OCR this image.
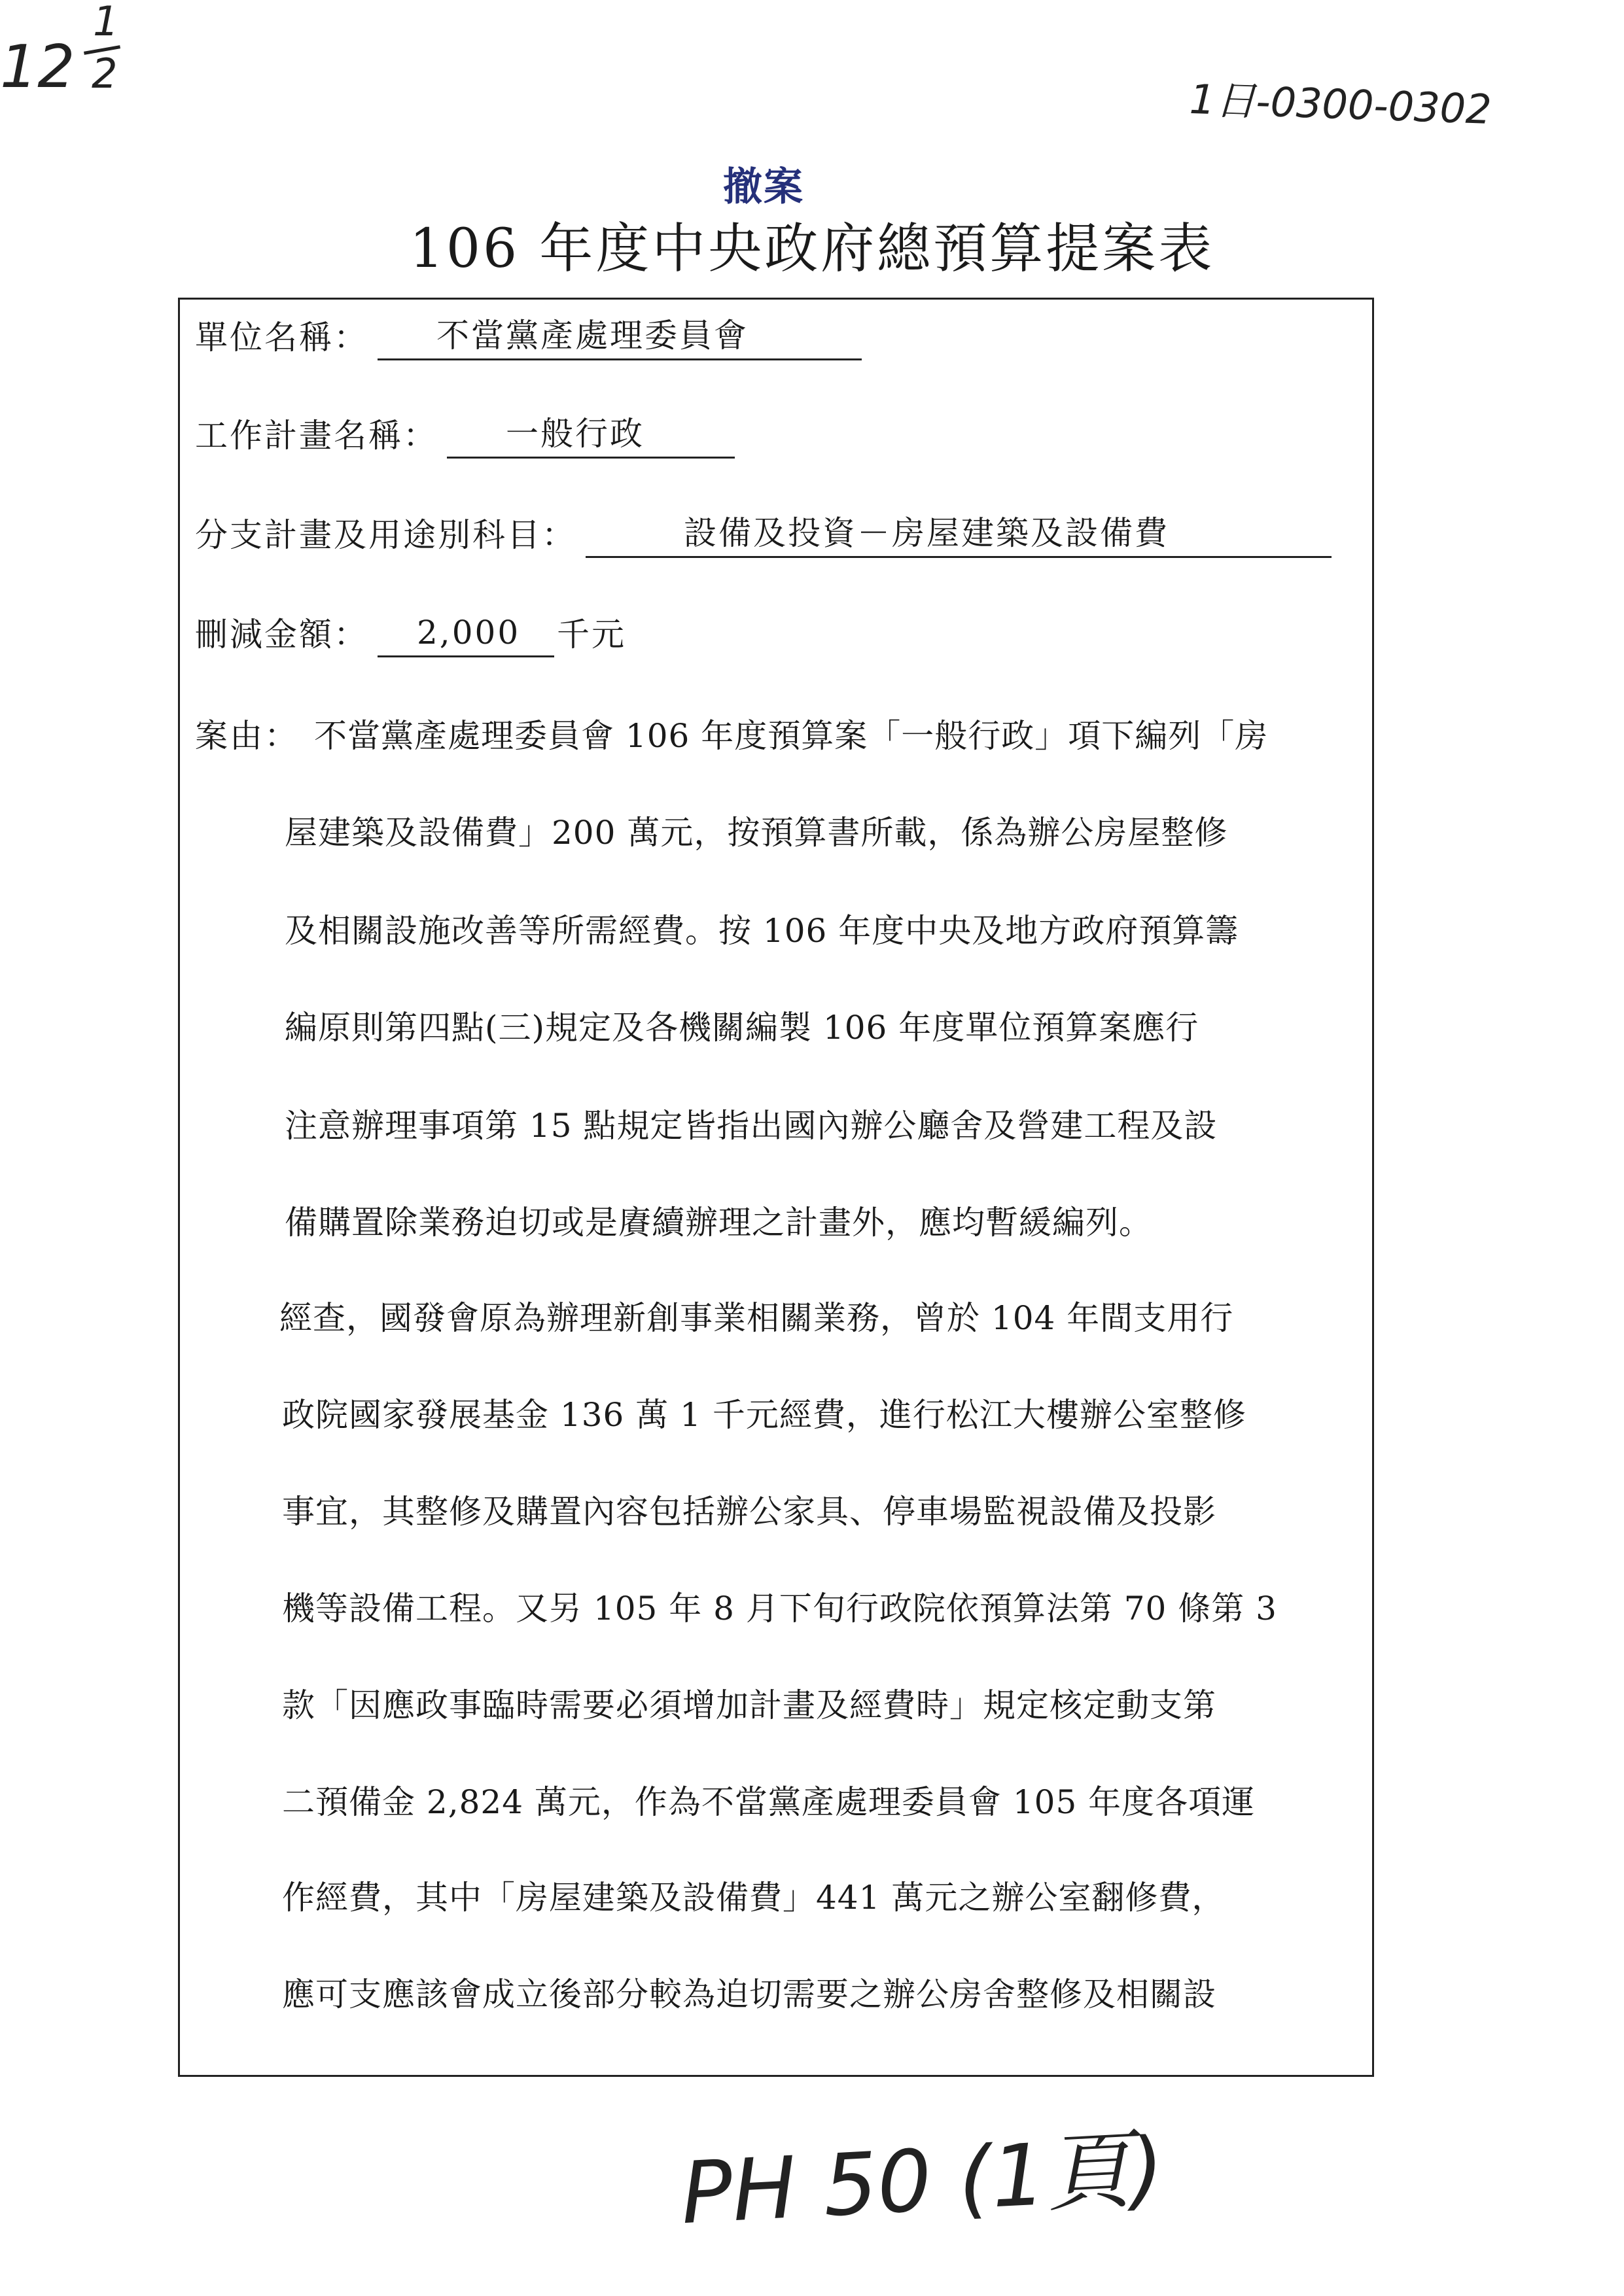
1日-0300-0302
撤案
106 年度中央政府總預算提案表
單位名稱：	不當黨產處理委員會
工作計畫名稱：	一般行政
分支計畫及用途別科目：	設備及投資－房屋建築及設備費
刪減金額：	2,000	千元
案由： 不當黨產處理委員會 106 年度預算案「一般行政」項下編列「房
屋建築及設備費」200 萬元，按預算書所載，係為辦公房屋整修
及相關設施改善等所需經費。按 106 年度中央及地方政府預算籌
編原則第四點(三)規定及各機關編製 106 年度單位預算案應行
注意辦理事項第 15 點規定皆指出國內辦公廳舍及營建工程及設
備購置除業務迫切或是賡續辦理之計畫外，應均暫緩編列。
經查，國發會原為辦理新創事業相關業務，曾於 104 年間支用行
政院國家發展基金 136 萬 1 千元經費，進行松江大樓辦公室整修
事宜，其整修及購置內容包括辦公家具、停車場監視設備及投影
機等設備工程。又另 105 年 8 月下旬行政院依預算法第 70 條第 3
款「因應政事臨時需要必須增加計畫及經費時」規定核定動支第
二預備金 2,824 萬元，作為不當黨產處理委員會 105 年度各項運
作經費，其中「房屋建築及設備費」441 萬元之辦公室翻修費，
應可支應該會成立後部分較為迫切需要之辦公房舍整修及相關設
PH 50 (1頁)
12
1
2
